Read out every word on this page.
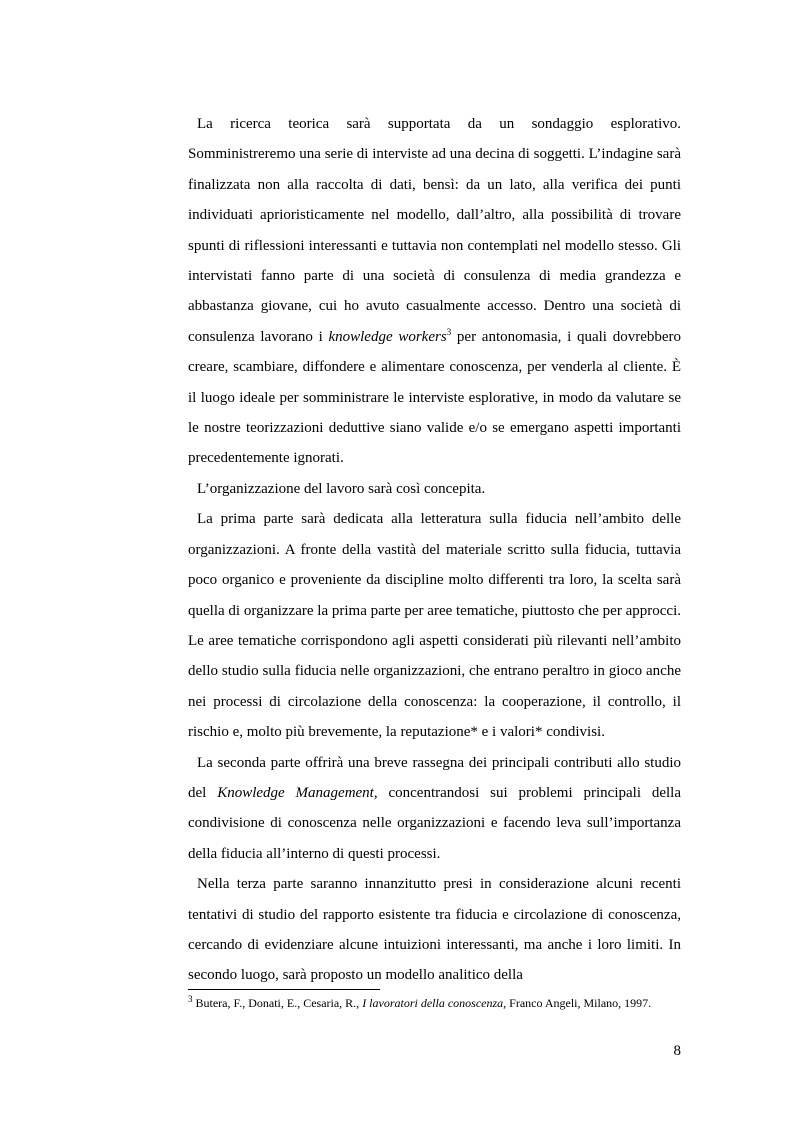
La ricerca teorica sarà supportata da un sondaggio esplorativo. Somministreremo una serie di interviste ad una decina di soggetti. L’indagine sarà finalizzata non alla raccolta di dati, bensì: da un lato, alla verifica dei punti individuati aprioristicamente nel modello, dall’altro, alla possibilità di trovare spunti di riflessioni interessanti e tuttavia non contemplati nel modello stesso. Gli intervistati fanno parte di una società di consulenza di media grandezza e abbastanza giovane, cui ho avuto casualmente accesso. Dentro una società di consulenza lavorano i knowledge workers$^3$ per antonomasia, i quali dovrebbero creare, scambiare, diffondere e alimentare conoscenza, per venderla al cliente. È il luogo ideale per somministrare le interviste esplorative, in modo da valutare se le nostre teorizzazioni deduttive siano valide e/o se emergano aspetti importanti precedentemente ignorati.

L’organizzazione del lavoro sarà così concepita.

La prima parte sarà dedicata alla letteratura sulla fiducia nell’ambito delle organizzazioni. A fronte della vastità del materiale scritto sulla fiducia, tuttavia poco organico e proveniente da discipline molto differenti tra loro, la scelta sarà quella di organizzare la prima parte per aree tematiche, piuttosto che per approcci. Le aree tematiche corrispondono agli aspetti considerati più rilevanti nell’ambito dello studio sulla fiducia nelle organizzazioni, che entrano peraltro in gioco anche nei processi di circolazione della conoscenza: la cooperazione, il controllo, il rischio e, molto più brevemente, la reputazione* e i valori* condivisi.

La seconda parte offrirà una breve rassegna dei principali contributi allo studio del Knowledge Management, concentrandosi sui problemi principali della condivisione di conoscenza nelle organizzazioni e facendo leva sull’importanza della fiducia all’interno di questi processi.

Nella terza parte saranno innanzitutto presi in considerazione alcuni recenti tentativi di studio del rapporto esistente tra fiducia e circolazione di conoscenza, cercando di evidenziare alcune intuizioni interessanti, ma anche i loro limiti. In secondo luogo, sarà proposto un modello analitico della

$^3$ Butera, F., Donati, E., Cesaria, R., I lavoratori della conoscenza, Franco Angeli, Milano, 1997.
8
